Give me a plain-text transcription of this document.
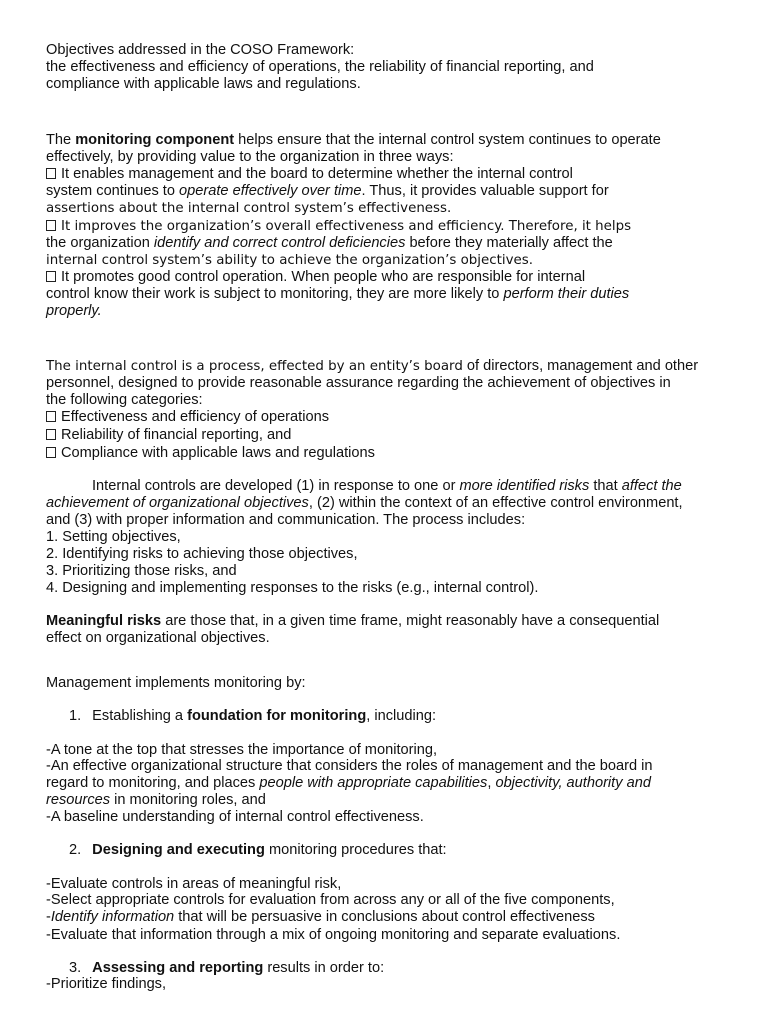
Objectives addressed in the COSO Framework:
the effectiveness and efficiency of operations, the reliability of financial reporting, and
compliance with applicable laws and regulations.
The monitoring component helps ensure that the internal control system continues to operate
effectively, by providing value to the organization in three ways:
It enables management and the board to determine whether the internal control
system continues to operate effectively over time. Thus, it provides valuable support for
assertions about the internal control system’s effectiveness.
It improves the organization’s overall effectiveness and efficiency. Therefore, it helps
the organization identify and correct control deficiencies before they materially affect the
internal control system’s ability to achieve the organization’s objectives.
It promotes good control operation. When people who are responsible for internal
control know their work is subject to monitoring, they are more likely to perform their duties
properly.
The internal control is a process, effected by an entity’s board of directors, management and other
personnel, designed to provide reasonable assurance regarding the achievement of objectives in
the following categories:
Effectiveness and efficiency of operations
Reliability of financial reporting, and
Compliance with applicable laws and regulations
Internal controls are developed (1) in response to one or more identified risks that affect the
achievement of organizational objectives, (2) within the context of an effective control environment,
and (3) with proper information and communication. The process includes:
1. Setting objectives,
2. Identifying risks to achieving those objectives,
3. Prioritizing those risks, and
4. Designing and implementing responses to the risks (e.g., internal control).
Meaningful risks are those that, in a given time frame, might reasonably have a consequential
effect on organizational objectives.
Management implements monitoring by:
1. Establishing a foundation for monitoring, including:
-A tone at the top that stresses the importance of monitoring,
-An effective organizational structure that considers the roles of management and the board in
regard to monitoring, and places people with appropriate capabilities, objectivity, authority and
resources in monitoring roles, and
-A baseline understanding of internal control effectiveness.
2. Designing and executing monitoring procedures that:
-Evaluate controls in areas of meaningful risk,
-Select appropriate controls for evaluation from across any or all of the five components,
-Identify information that will be persuasive in conclusions about control effectiveness
-Evaluate that information through a mix of ongoing monitoring and separate evaluations.
3. Assessing and reporting results in order to:
-Prioritize findings,
